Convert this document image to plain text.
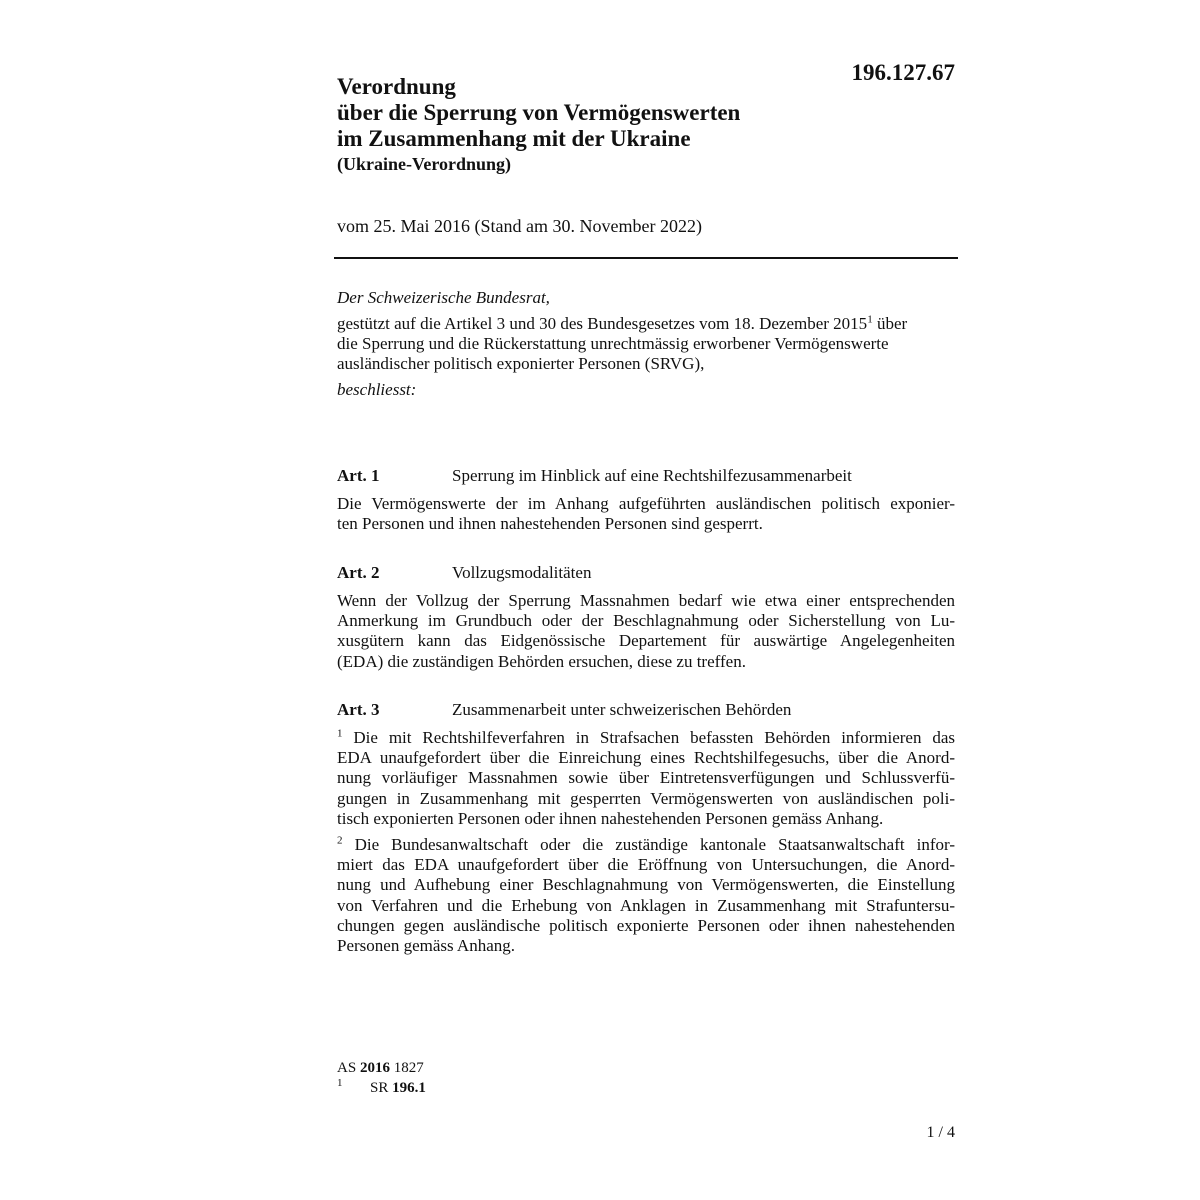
196.127.67
Verordnung
über die Sperrung von Vermögenswerten
im Zusammenhang mit der Ukraine
(Ukraine-Verordnung)
vom 25. Mai 2016 (Stand am 30. November 2022)
Der Schweizerische Bundesrat,
gestützt auf die Artikel 3 und 30 des Bundesgesetzes vom 18. Dezember 2015$^1$ über
die Sperrung und die Rückerstattung unrechtmässig erworbener Vermögenswerte
ausländischer politisch exponierter Personen (SRVG),
beschliesst:
Art. 1	Sperrung im Hinblick auf eine Rechtshilfezusammenarbeit
Die Vermögenswerte der im Anhang aufgeführten ausländischen politisch exponier-
ten Personen und ihnen nahestehenden Personen sind gesperrt.
Art. 2	Vollzugsmodalitäten
Wenn der Vollzug der Sperrung Massnahmen bedarf wie etwa einer entsprechenden
Anmerkung im Grundbuch oder der Beschlagnahmung oder Sicherstellung von Lu-
xusgütern kann das Eidgenössische Departement für auswärtige Angelegenheiten
(EDA) die zuständigen Behörden ersuchen, diese zu treffen.
Art. 3	Zusammenarbeit unter schweizerischen Behörden
$^1$ Die mit Rechtshilfeverfahren in Strafsachen befassten Behörden informieren das
EDA unaufgefordert über die Einreichung eines Rechtshilfegesuchs, über die Anord-
nung vorläufiger Massnahmen sowie über Eintretensverfügungen und Schlussverfü-
gungen in Zusammenhang mit gesperrten Vermögenswerten von ausländischen poli-
tisch exponierten Personen oder ihnen nahestehenden Personen gemäss Anhang.
$^2$ Die Bundesanwaltschaft oder die zuständige kantonale Staatsanwaltschaft infor-
miert das EDA unaufgefordert über die Eröffnung von Untersuchungen, die Anord-
nung und Aufhebung einer Beschlagnahmung von Vermögenswerten, die Einstellung
von Verfahren und die Erhebung von Anklagen in Zusammenhang mit Strafuntersu-
chungen gegen ausländische politisch exponierte Personen oder ihnen nahestehenden
Personen gemäss Anhang.
AS 2016 1827
1 SR 196.1
1 / 4
